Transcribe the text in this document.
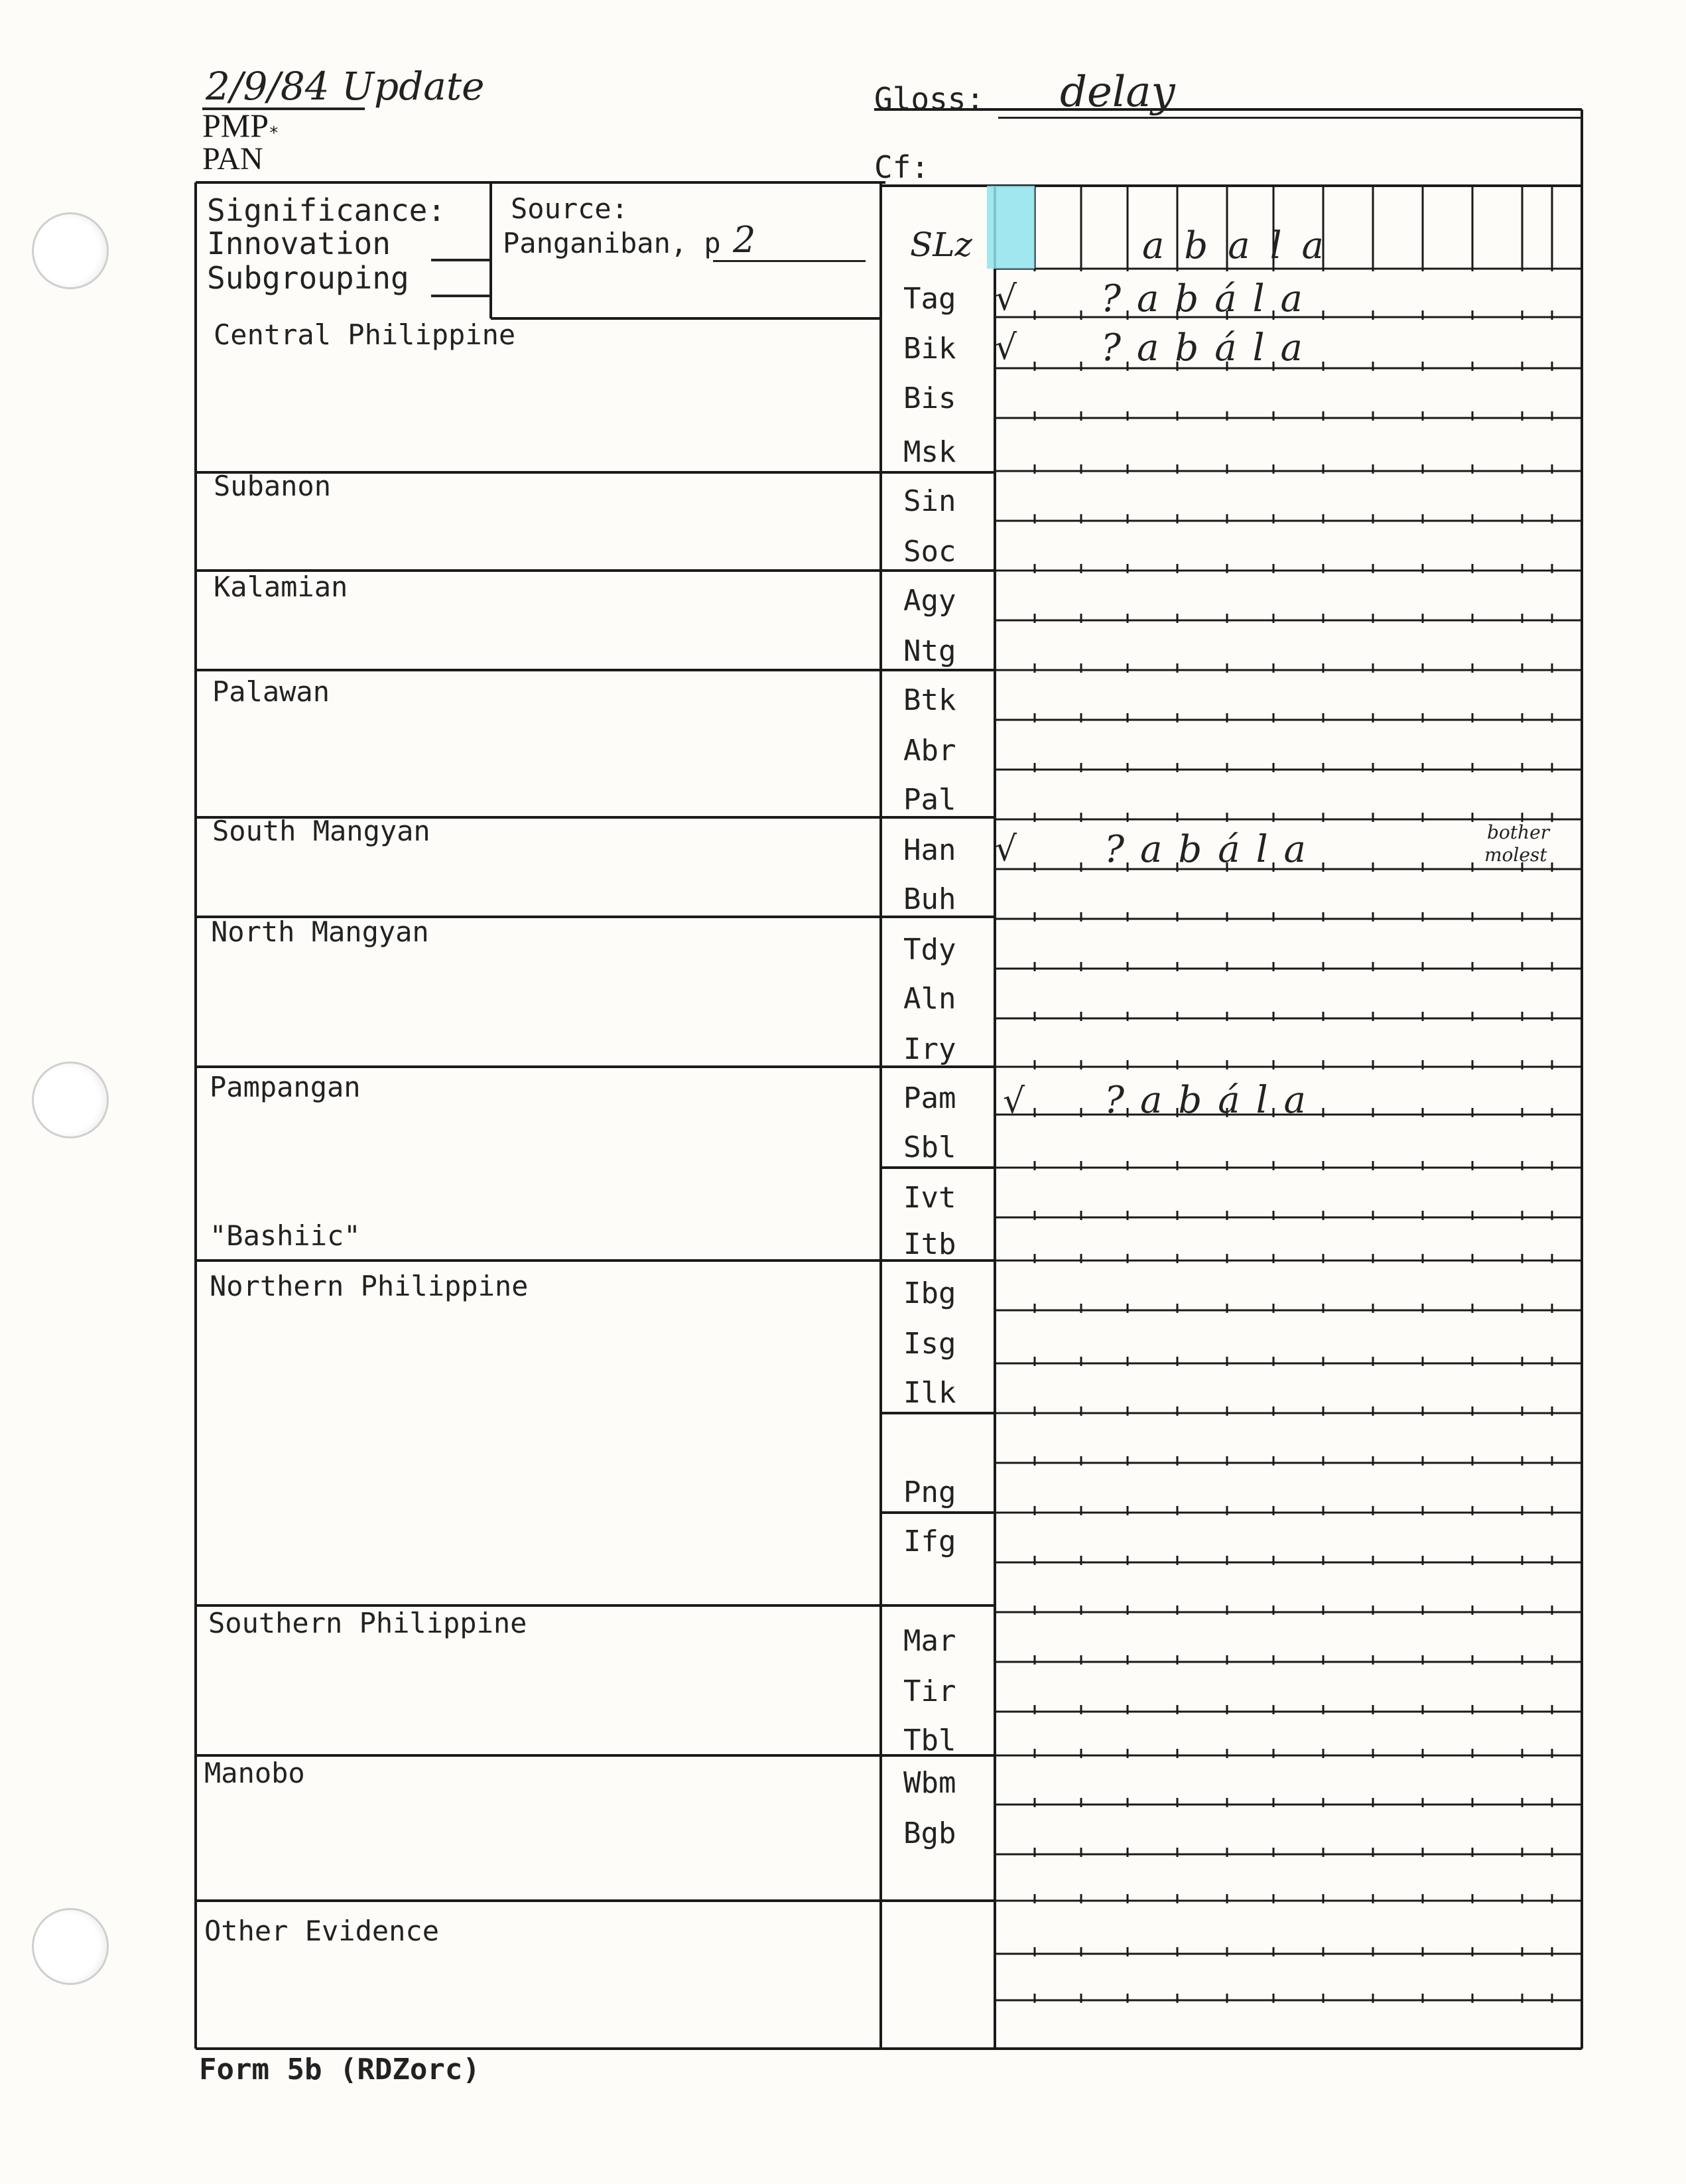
2/9/84 Update
PMP *
PAN
Gloss: delay
Cf:
Significance:
Innovation
Subgrouping
Source:
Panganiban, p 2
Central Philippine
Subanon
Kalamian
Palawan
South Mangyan
North Mangyan
Pampangan
"Bashiic"
Northern Philippine
Southern Philippine
Manobo
Other Evidence
SLz
Tag
Bik
Bis
Msk
Sin
Soc
Agy
Ntg
Btk
Abr
Pal
Han
Buh
Tdy
Aln
Iry
Pam
Sbl
Ivt
Itb
Ibg
Isg
Ilk
Png
Ifg
Mar
Tir
Tbl
Wbm
Bgb
abala
√ ?abála
√ ?abála
√ ?abála	bother
molest
√ ?abála
Form 5b (RDZorc)
